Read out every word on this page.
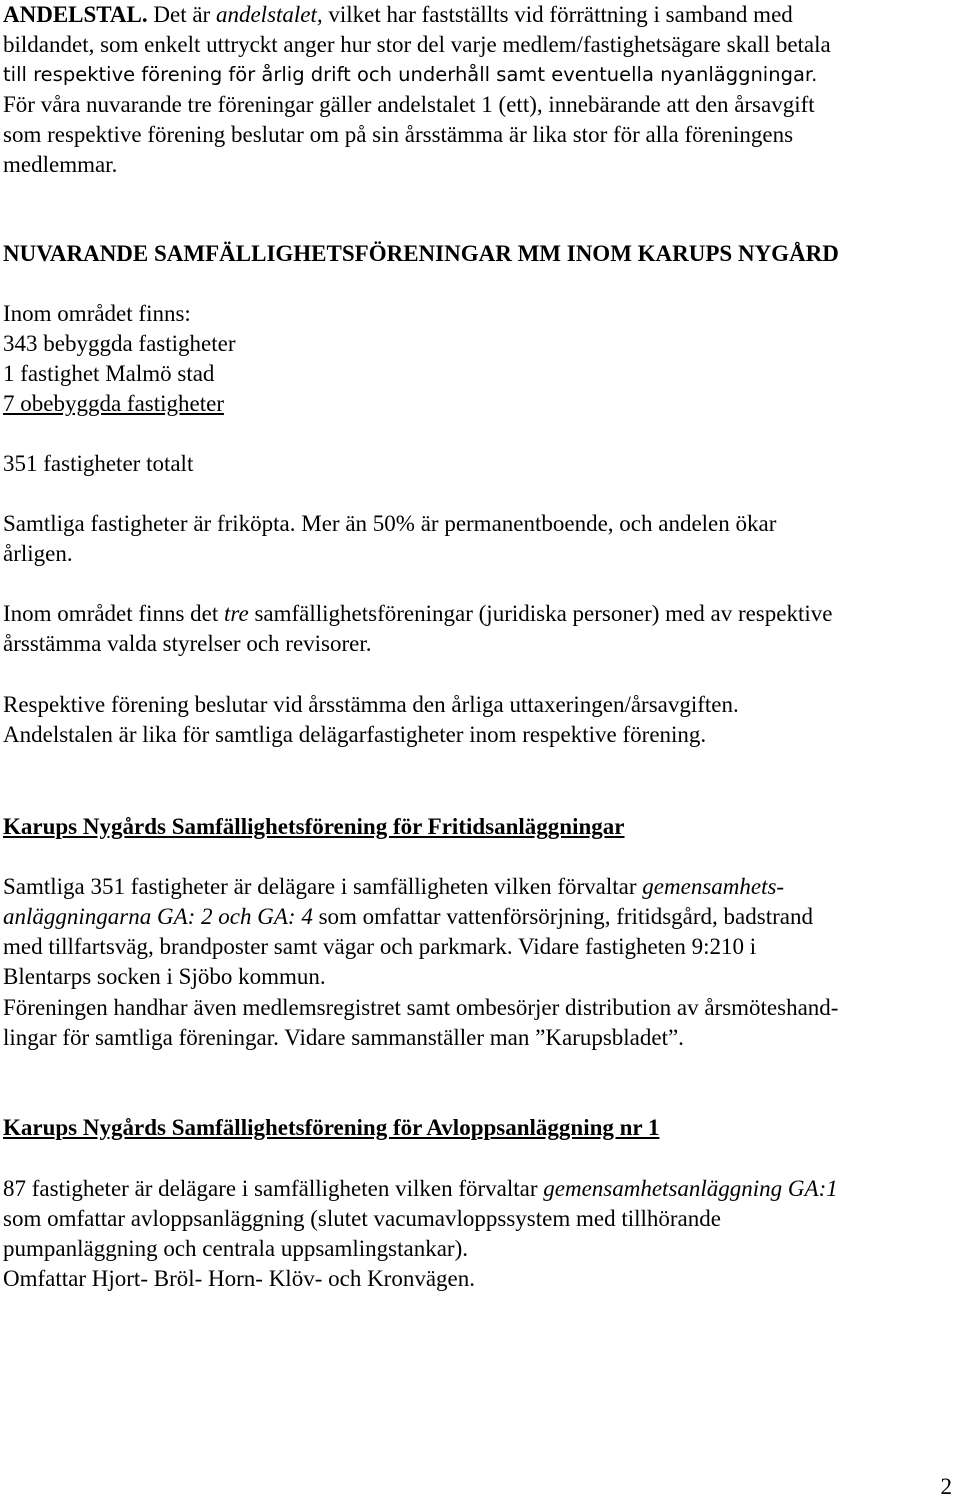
ANDELSTAL. Det är andelstalet, vilket har fastställts vid förrättning i samband med
bildandet, som enkelt uttryckt anger hur stor del varje medlem/fastighetsägare skall betala
till respektive förening för årlig drift och underhåll samt eventuella nyanläggningar.
För våra nuvarande tre föreningar gäller andelstalet 1 (ett), innebärande att den årsavgift
som respektive förening beslutar om på sin årsstämma är lika stor för alla föreningens
medlemmar.
NUVARANDE SAMFÄLLIGHETSFÖRENINGAR MM INOM KARUPS NYGÅRD
Inom området finns:
343 bebyggda fastigheter
1 fastighet Malmö stad
7 obebyggda fastigheter
351 fastigheter totalt
Samtliga fastigheter är friköpta. Mer än 50% är permanentboende, och andelen ökar
årligen.
Inom området finns det tre samfällighetsföreningar (juridiska personer) med av respektive
årsstämma valda styrelser och revisorer.
Respektive förening beslutar vid årsstämma den årliga uttaxeringen/årsavgiften.
Andelstalen är lika för samtliga delägarfastigheter inom respektive förening.
Karups Nygårds Samfällighetsförening för Fritidsanläggningar
Samtliga 351 fastigheter är delägare i samfälligheten vilken förvaltar gemensamhets-
anläggningarna GA: 2 och GA: 4 som omfattar vattenförsörjning, fritidsgård, badstrand
med tillfartsväg, brandposter samt vägar och parkmark. Vidare fastigheten 9:210 i
Blentarps socken i Sjöbo kommun.
Föreningen handhar även medlemsregistret samt ombesörjer distribution av årsmöteshand-
lingar för samtliga föreningar. Vidare sammanställer man ”Karupsbladet”.
Karups Nygårds Samfällighetsförening för Avloppsanläggning nr 1
87 fastigheter är delägare i samfälligheten vilken förvaltar gemensamhetsanläggning GA:1
som omfattar avloppsanläggning (slutet vacumavloppssystem med tillhörande
pumpanläggning och centrala uppsamlingstankar).
Omfattar Hjort- Bröl- Horn- Klöv- och Kronvägen.
2
